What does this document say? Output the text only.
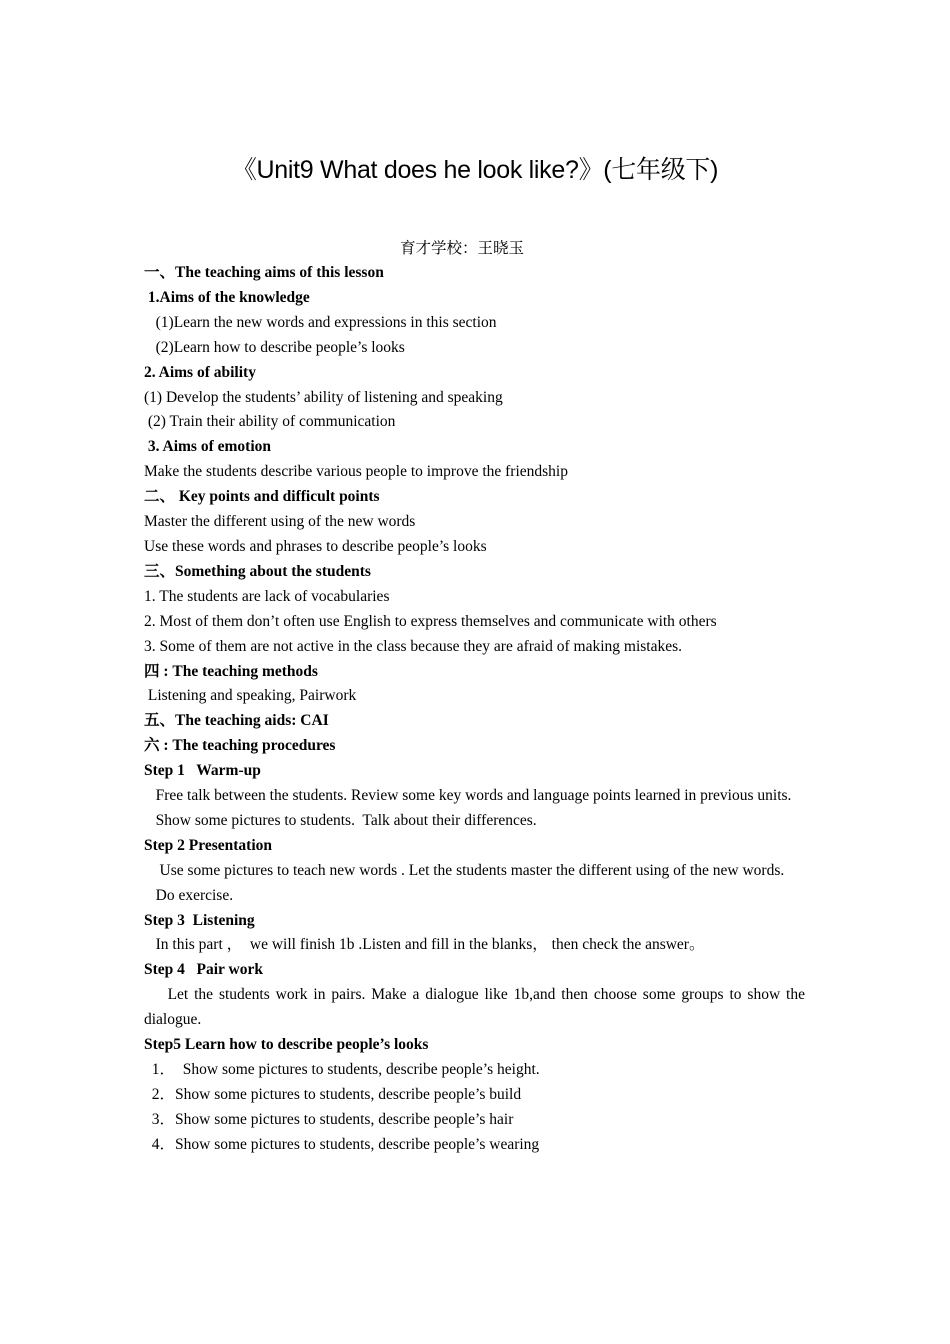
《Unit9 What does he look like?》(七年级下)
育才学校：王晓玉
一、The teaching aims of this lesson
1.Aims of the knowledge
(1)Learn the new words and expressions in this section
(2)Learn how to describe people’s looks
2. Aims of ability
(1) Develop the students’ ability of listening and speaking
(2) Train their ability of communication
3. Aims of emotion
Make the students describe various people to improve the friendship
二、 Key points and difficult points
Master the different using of the new words
Use these words and phrases to describe people’s looks
三、Something about the students
1. The students are lack of vocabularies
2. Most of them don’t often use English to express themselves and communicate with others
3. Some of them are not active in the class because they are afraid of making mistakes.
四 : The teaching methods
Listening and speaking, Pairwork
五、The teaching aids: CAI
六 : The teaching procedures
Step 1   Warm-up
Free talk between the students. Review some key words and language points learned in previous units.
Show some pictures to students.  Talk about their differences.
Step 2 Presentation
Use some pictures to teach new words . Let the students master the different using of the new words.
Do exercise.
Step 3  Listening
In this part ，  we will finish 1b .Listen and fill in the blanks， then check the answer。
Step 4   Pair work
Let the students work in pairs. Make a dialogue like 1b,and then choose some groups to show the dialogue.
Step5 Learn how to describe people’s looks
1．  Show some pictures to students, describe people’s height.
2．Show some pictures to students, describe people’s build
3．Show some pictures to students, describe people’s hair
4．Show some pictures to students, describe people’s wearing
